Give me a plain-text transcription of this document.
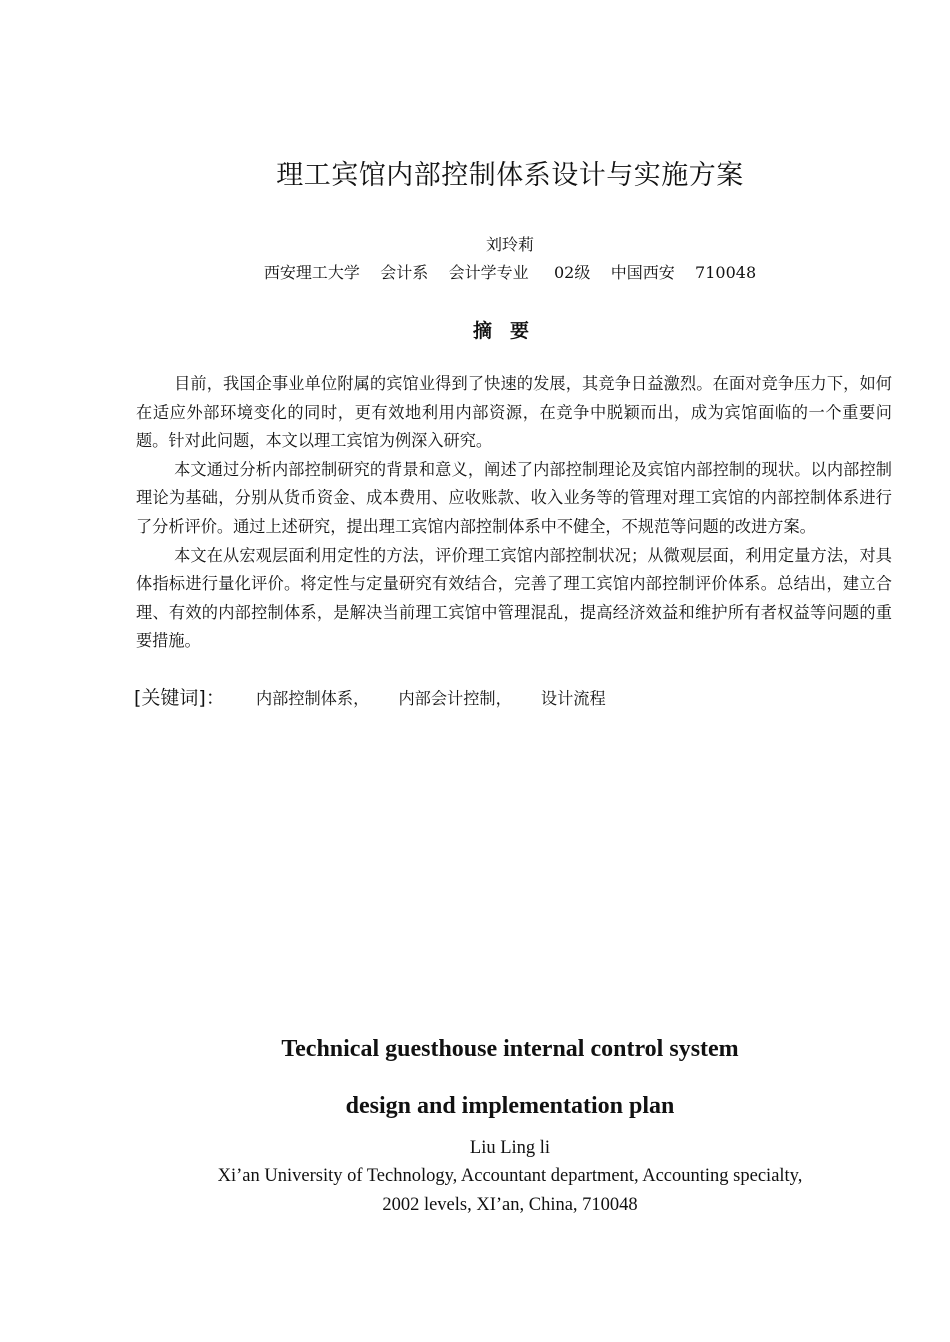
理工宾馆内部控制体系设计与实施方案

刘玲莉

西安理工大学    会计系    会计学专业     02级    中国西安    710048

摘要

目前，我国企事业单位附属的宾馆业得到了快速的发展，其竞争日益激烈。在面对竞争压力下，如何在适应外部环境变化的同时，更有效地利用内部资源，在竞争中脱颖而出，成为宾馆面临的一个重要问题。针对此问题，本文以理工宾馆为例深入研究。

本文通过分析内部控制研究的背景和意义，阐述了内部控制理论及宾馆内部控制的现状。以内部控制理论为基础，分别从货币资金、成本费用、应收账款、收入业务等的管理对理工宾馆的内部控制体系进行了分析评价。通过上述研究，提出理工宾馆内部控制体系中不健全，不规范等问题的改进方案。

本文在从宏观层面利用定性的方法，评价理工宾馆内部控制状况；从微观层面，利用定量方法，对具体指标进行量化评价。将定性与定量研究有效结合，完善了理工宾馆内部控制评价体系。总结出，建立合理、有效的内部控制体系，是解决当前理工宾馆中管理混乱，提高经济效益和维护所有者权益等问题的重要措施。

[关键词]： 内部控制体系， 内部会计控制， 设计流程
Technical guesthouse internal control system
design and implementation plan

Liu Ling li

Xi’an University of Technology, Accountant department, Accounting specialty,

2002 levels, XI’an, China, 710048
